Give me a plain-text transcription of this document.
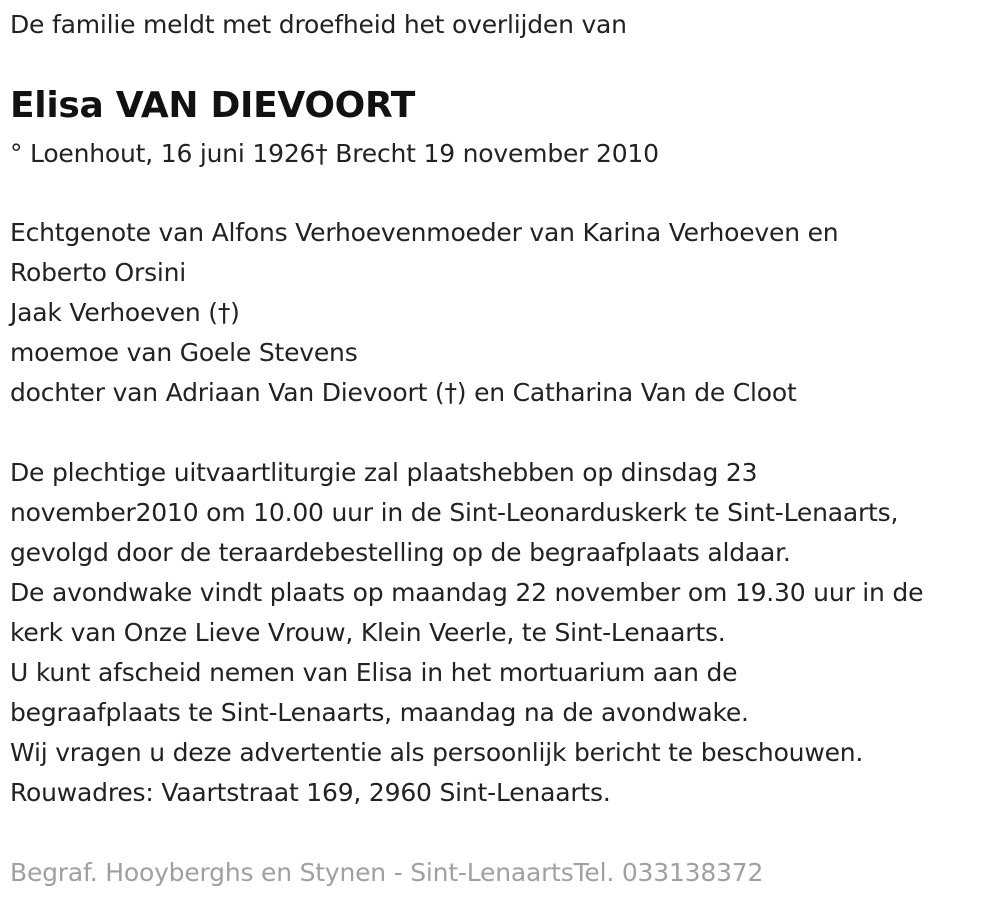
De familie meldt met droefheid het overlijden van
Elisa VAN DIEVOORT
° Loenhout, 16 juni 1926† Brecht 19 november 2010
Echtgenote van Alfons Verhoevenmoeder van Karina Verhoeven en
Roberto Orsini
Jaak Verhoeven (†)
moemoe van Goele Stevens
dochter van Adriaan Van Dievoort (†) en Catharina Van de Cloot
De plechtige uitvaartliturgie zal plaatshebben op dinsdag 23
november2010 om 10.00 uur in de Sint-Leonarduskerk te Sint-Lenaarts,
gevolgd door de teraardebestelling op de begraafplaats aldaar.
De avondwake vindt plaats op maandag 22 november om 19.30 uur in de
kerk van Onze Lieve Vrouw, Klein Veerle, te Sint-Lenaarts.
U kunt afscheid nemen van Elisa in het mortuarium aan de
begraafplaats te Sint-Lenaarts, maandag na de avondwake.
Wij vragen u deze advertentie als persoonlijk bericht te beschouwen.
Rouwadres: Vaartstraat 169, 2960 Sint-Lenaarts.
Begraf. Hooyberghs en Stynen - Sint-LenaartsTel. 033138372
